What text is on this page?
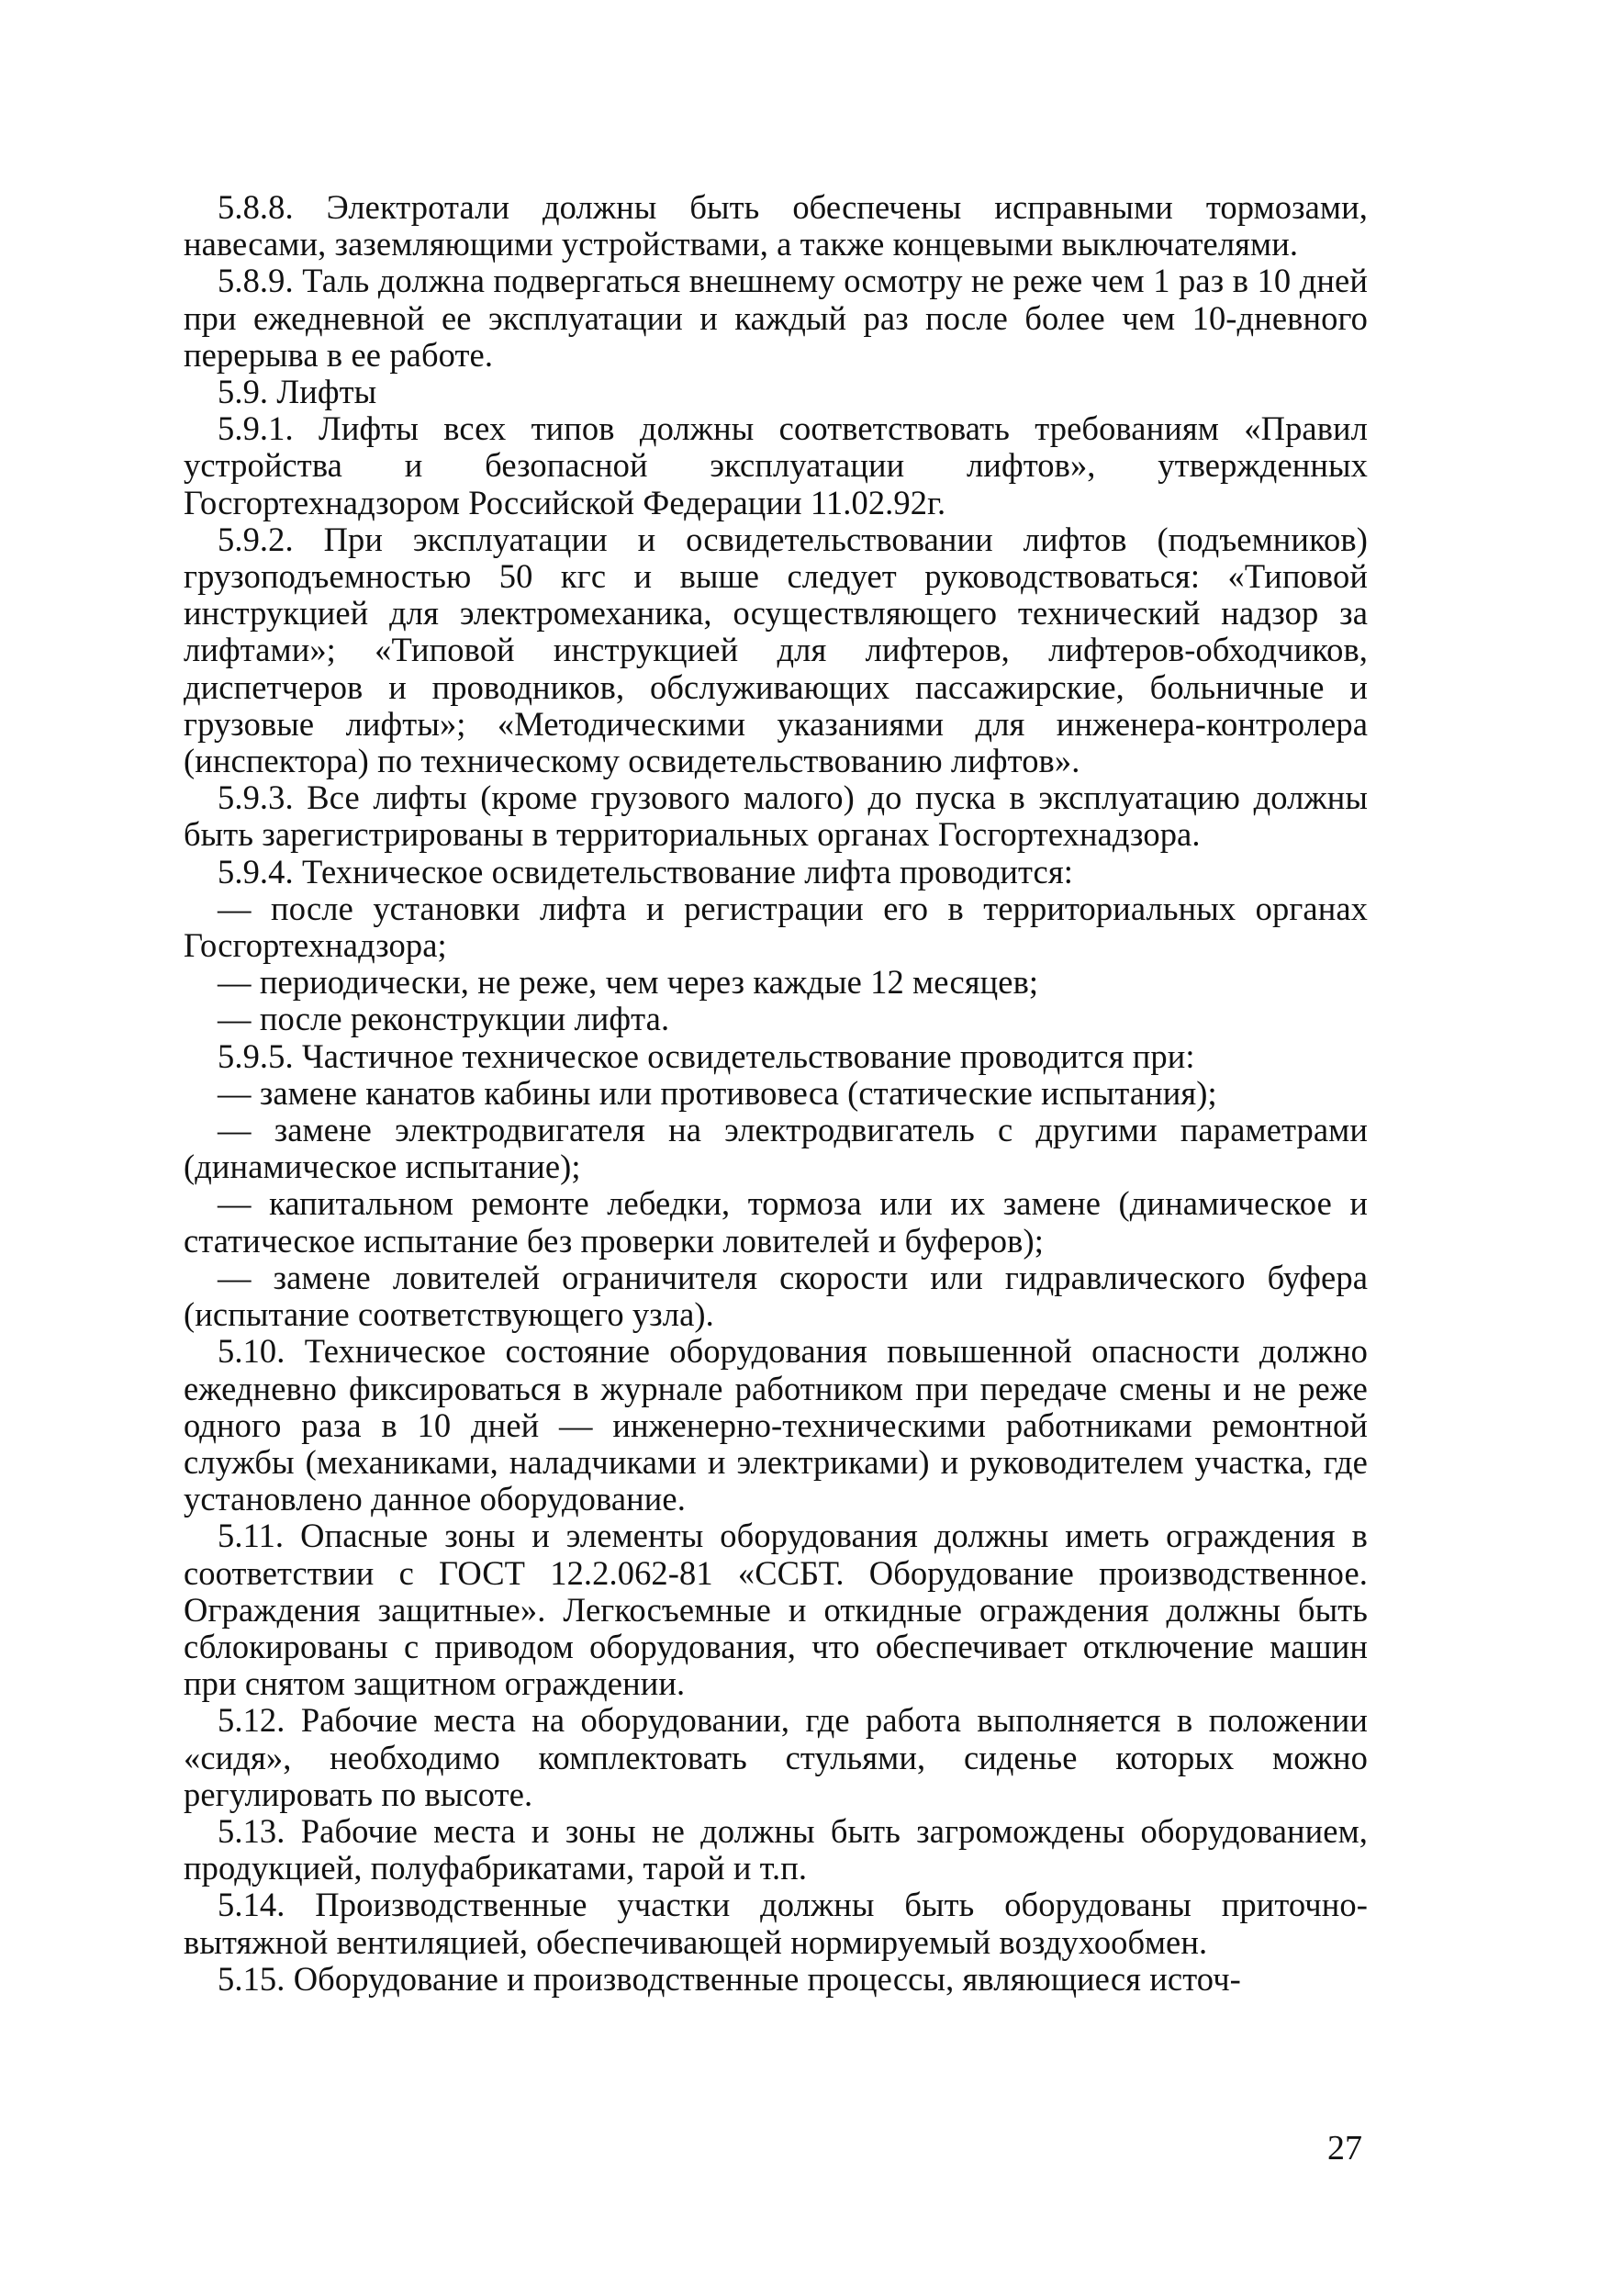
5.8.8. Электротали должны быть обеспечены исправными тормозами, навесами, заземляющими устройствами, а также концевыми выключателями.

5.8.9. Таль должна подвергаться внешнему осмотру не реже чем 1 раз в 10 дней при ежедневной ее эксплуатации и каждый раз после более чем 10-дневного перерыва в ее работе.

5.9. Лифты

5.9.1. Лифты всех типов должны соответствовать требованиям «Правил устройства и безопасной эксплуатации лифтов», утвержденных Госгортехнадзором Российской Федерации 11.02.92г.

5.9.2. При эксплуатации и освидетельствовании лифтов (подъемников) грузоподъемностью 50 кгс и выше следует руководствоваться: «Типовой инструкцией для электромеханика, осуществляющего технический надзор за лифтами»; «Типовой инструкцией для лифтеров, лифтеров-обходчиков, диспетчеров и проводников, обслуживающих пассажирские, больничные и грузовые лифты»; «Методическими указаниями для инженера-контролера (инспектора) по техническому освидетельствованию лифтов».

5.9.3. Все лифты (кроме грузового малого) до пуска в эксплуатацию должны быть зарегистрированы в территориальных органах Госгортехнадзора.

5.9.4. Техническое освидетельствование лифта проводится:

— после установки лифта и регистрации его в территориальных органах Госгортехнадзора;

— периодически, не реже, чем через каждые 12 месяцев;

— после реконструкции лифта.

5.9.5. Частичное техническое освидетельствование проводится при:

— замене канатов кабины или противовеса (статические испытания);

— замене электродвигателя на электродвигатель с другими параметрами (динамическое испытание);

— капитальном ремонте лебедки, тормоза или их замене (динамическое и статическое испытание без проверки ловителей и буферов);

— замене ловителей ограничителя скорости или гидравлического буфера (испытание соответствующего узла).

5.10. Техническое состояние оборудования повышенной опасности должно ежедневно фиксироваться в журнале работником при передаче смены и не реже одного раза в 10 дней — инженерно-техническими работниками ремонтной службы (механиками, наладчиками и электриками) и руководителем участка, где установлено данное оборудование.

5.11. Опасные зоны и элементы оборудования должны иметь ограждения в соответствии с ГОСТ 12.2.062-81 «ССБТ. Оборудование производственное. Ограждения защитные». Легкосъемные и откидные ограждения должны быть сблокированы с приводом оборудования, что обеспечивает отключение машин при снятом защитном ограждении.

5.12. Рабочие места на оборудовании, где работа выполняется в положении «сидя», необходимо комплектовать стульями, сиденье которых можно регулировать по высоте.

5.13. Рабочие места и зоны не должны быть загромождены оборудованием, продукцией, полуфабрикатами, тарой и т.п.

5.14. Производственные участки должны быть оборудованы приточно-вытяжной вентиляцией, обеспечивающей нормируемый воздухообмен.

5.15. Оборудование и производственные процессы, являющиеся источ-

27
